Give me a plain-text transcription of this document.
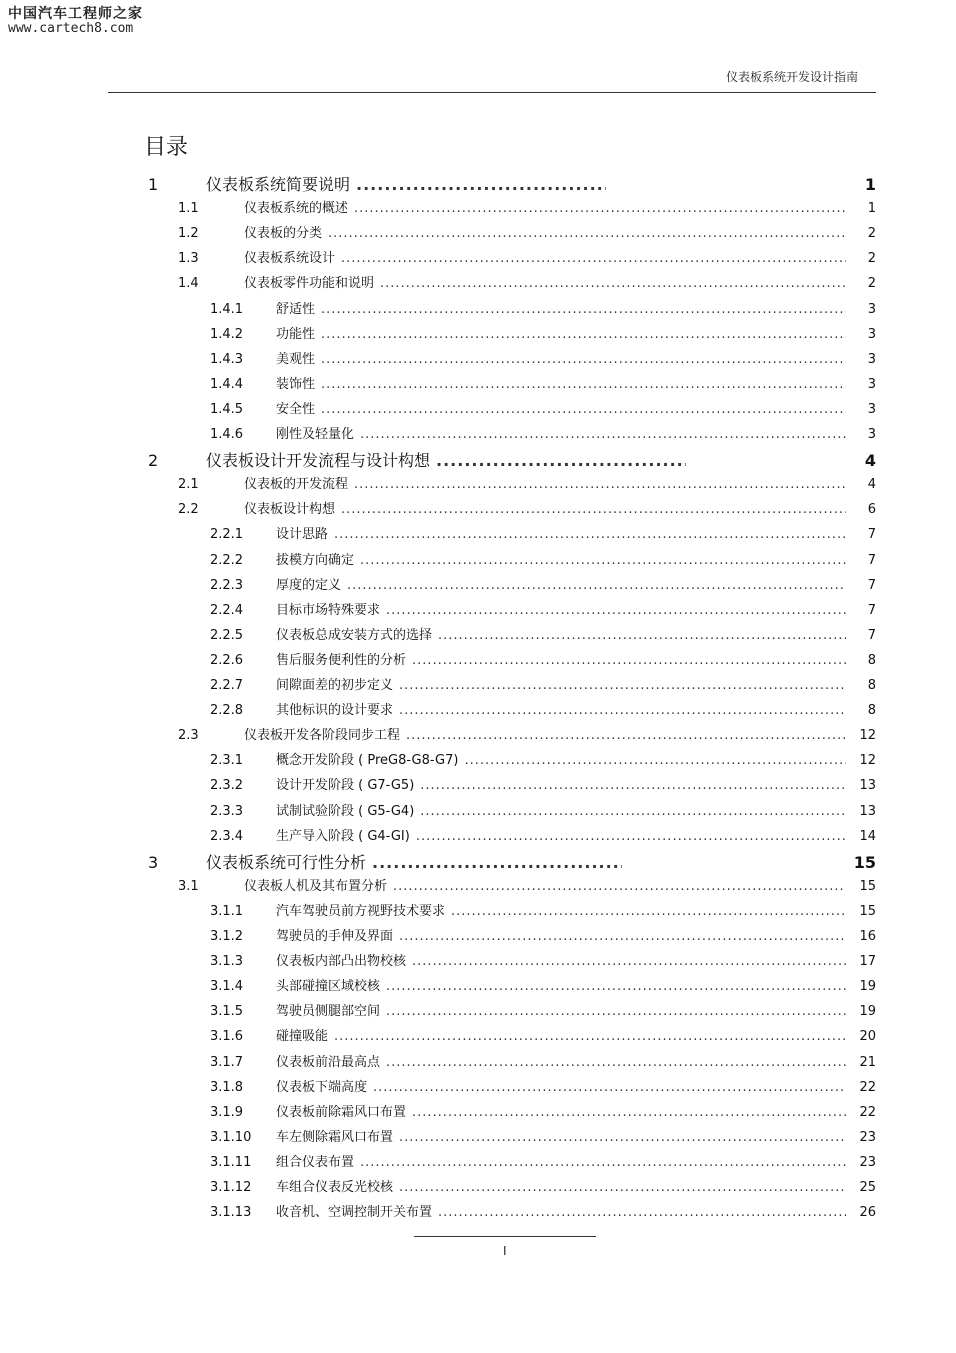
中国汽车工程师之家
www.cartech8.com
仪表板系统开发设计指南
目录
1	仪表板系统简要说明 .....	1
1.1	仪表板系统的概述 .....	1
1.2	仪表板的分类 .....	2
1.3	仪表板系统设计 .....	2
1.4	仪表板零件功能和说明 .....	2
1.4.1	舒适性 .....	3
1.4.2	功能性 .....	3
1.4.3	美观性 .....	3
1.4.4	装饰性 .....	3
1.4.5	安全性 .....	3
1.4.6	刚性及轻量化 .....	3
2	仪表板设计开发流程与设计构想 .....	4
2.1	仪表板的开发流程 .....	4
2.2	仪表板设计构想 .....	6
2.2.1	设计思路 .....	7
2.2.2	拔模方向确定 .....	7
2.2.3	厚度的定义 .....	7
2.2.4	目标市场特殊要求 .....	7
2.2.5	仪表板总成安装方式的选择 .....	7
2.2.6	售后服务便利性的分析 .....	8
2.2.7	间隙面差的初步定义 .....	8
2.2.8	其他标识的设计要求 .....	8
2.3	仪表板开发各阶段同步工程 .....	12
2.3.1	概念开发阶段 ( PreG8-G8-G7) .....	12
2.3.2	设计开发阶段 ( G7-G5) .....	13
2.3.3	试制试验阶段 ( G5-G4) .....	13
2.3.4	生产导入阶段 ( G4-GI) .....	14
3	仪表板系统可行性分析 .....	15
3.1	仪表板人机及其布置分析 .....	15
3.1.1	汽车驾驶员前方视野技术要求 .....	15
3.1.2	驾驶员的手伸及界面 .....	16
3.1.3	仪表板内部凸出物校核 .....	17
3.1.4	头部碰撞区域校核 .....	19
3.1.5	驾驶员侧腿部空间 .....	19
3.1.6	碰撞吸能 .....	20
3.1.7	仪表板前沿最高点 .....	21
3.1.8	仪表板下端高度 .....	22
3.1.9	仪表板前除霜风口布置 .....	22
3.1.10	车左侧除霜风口布置 .....	23
3.1.11	组合仪表布置 .....	23
3.1.12	车组合仪表反光校核 .....	25
3.1.13	收音机、空调控制开关布置 .....	26
I
